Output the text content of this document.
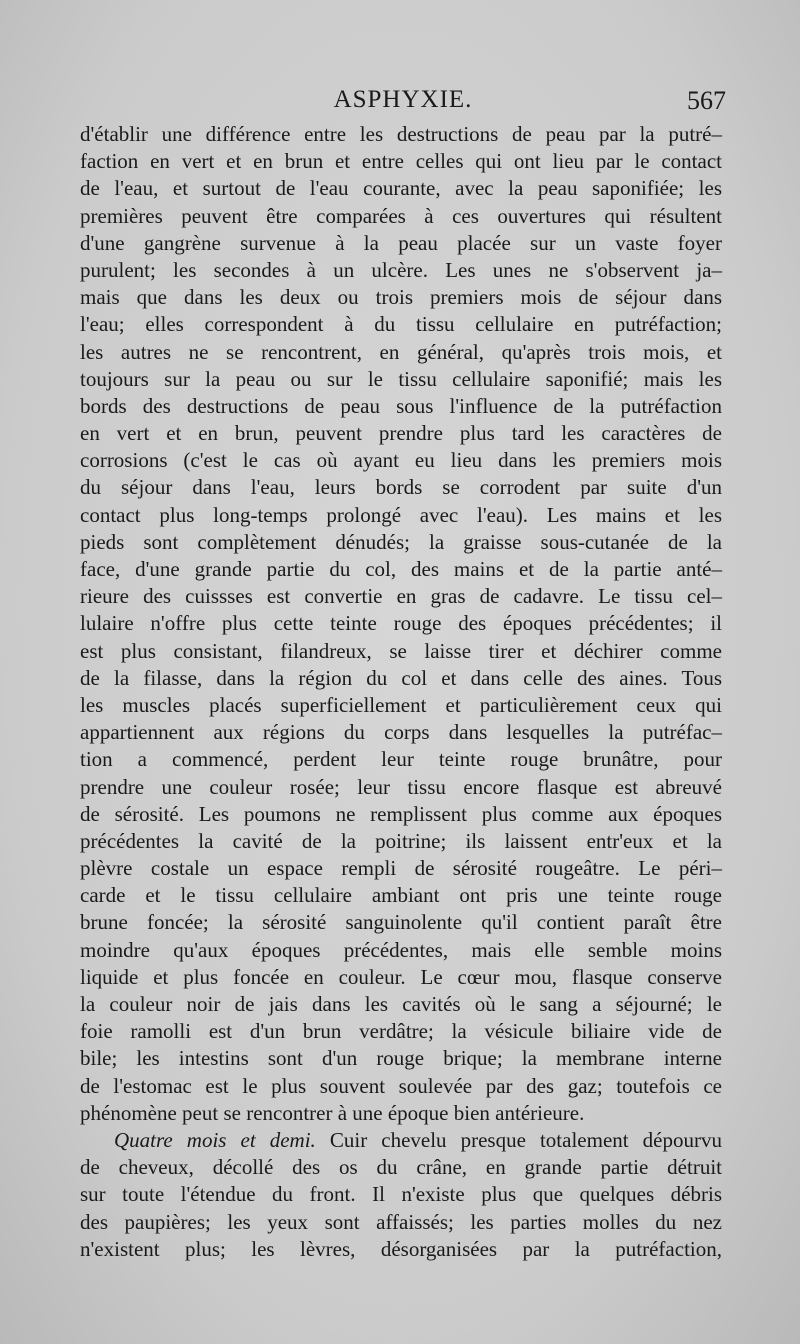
ASPHYXIE.	567
d'établir une différence entre les destructions de peau par la putré–
faction en vert et en brun et entre celles qui ont lieu par le contact
de l'eau, et surtout de l'eau courante, avec la peau saponifiée; les
premières peuvent être comparées à ces ouvertures qui résultent
d'une gangrène survenue à la peau placée sur un vaste foyer
purulent; les secondes à un ulcère. Les unes ne s'observent ja–
mais que dans les deux ou trois premiers mois de séjour dans
l'eau; elles correspondent à du tissu cellulaire en putréfaction;
les autres ne se rencontrent, en général, qu'après trois mois, et
toujours sur la peau ou sur le tissu cellulaire saponifié; mais les
bords des destructions de peau sous l'influence de la putréfaction
en vert et en brun, peuvent prendre plus tard les caractères de
corrosions (c'est le cas où ayant eu lieu dans les premiers mois
du séjour dans l'eau, leurs bords se corrodent par suite d'un
contact plus long-temps prolongé avec l'eau). Les mains et les
pieds sont complètement dénudés; la graisse sous-cutanée de la
face, d'une grande partie du col, des mains et de la partie anté–
rieure des cuissses est convertie en gras de cadavre. Le tissu cel–
lulaire n'offre plus cette teinte rouge des époques précédentes; il
est plus consistant, filandreux, se laisse tirer et déchirer comme
de la filasse, dans la région du col et dans celle des aines. Tous
les muscles placés superficiellement et particulièrement ceux qui
appartiennent aux régions du corps dans lesquelles la putréfac–
tion a commencé, perdent leur teinte rouge brunâtre, pour
prendre une couleur rosée; leur tissu encore flasque est abreuvé
de sérosité. Les poumons ne remplissent plus comme aux époques
précédentes la cavité de la poitrine; ils laissent entr'eux et la
plèvre costale un espace rempli de sérosité rougeâtre. Le péri–
carde et le tissu cellulaire ambiant ont pris une teinte rouge
brune foncée; la sérosité sanguinolente qu'il contient paraît être
moindre qu'aux époques précédentes, mais elle semble moins
liquide et plus foncée en couleur. Le cœur mou, flasque conserve
la couleur noir de jais dans les cavités où le sang a séjourné; le
foie ramolli est d'un brun verdâtre; la vésicule biliaire vide de
bile; les intestins sont d'un rouge brique; la membrane interne
de l'estomac est le plus souvent soulevée par des gaz; toutefois ce
phénomène peut se rencontrer à une époque bien antérieure.
Quatre mois et demi. Cuir chevelu presque totalement dépourvu
de cheveux, décollé des os du crâne, en grande partie détruit
sur toute l'étendue du front. Il n'existe plus que quelques débris
des paupières; les yeux sont affaissés; les parties molles du nez
n'existent plus; les lèvres, désorganisées par la putréfaction,
